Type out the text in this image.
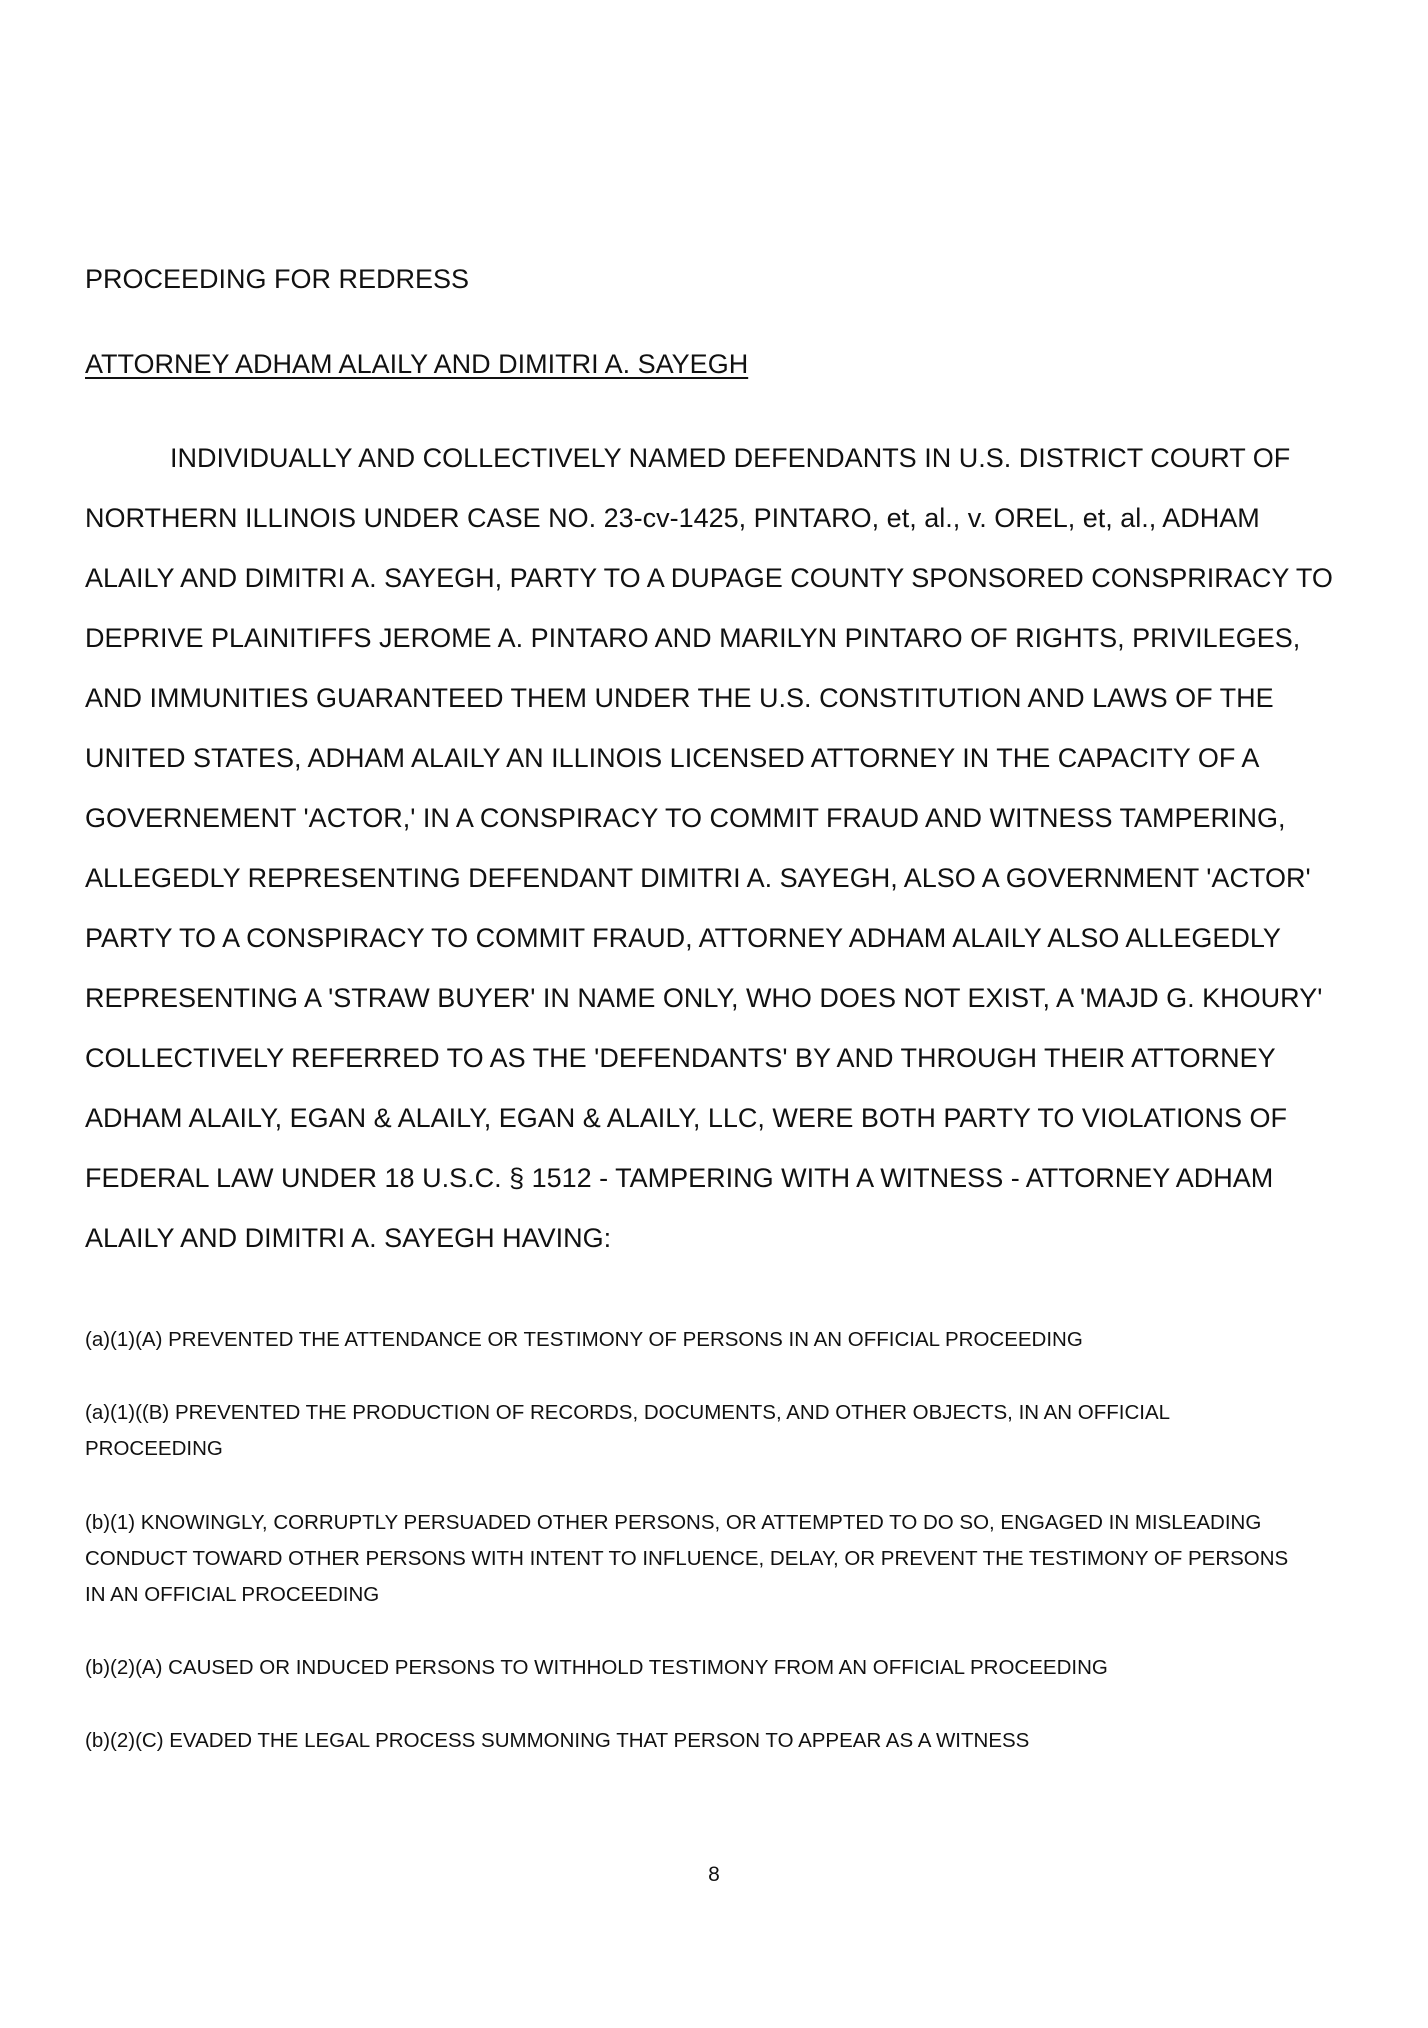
PROCEEDING FOR REDRESS
ATTORNEY ADHAM ALAILY AND DIMITRI A. SAYEGH

INDIVIDUALLY AND COLLECTIVELY NAMED DEFENDANTS IN U.S. DISTRICT COURT OF
NORTHERN ILLINOIS UNDER CASE NO. 23-cv-1425, PINTARO, et, al., v. OREL, et, al., ADHAM
ALAILY AND DIMITRI A. SAYEGH, PARTY TO A DUPAGE COUNTY SPONSORED CONSPRIRACY TO
DEPRIVE PLAINITIFFS JEROME A. PINTARO AND MARILYN PINTARO OF RIGHTS, PRIVILEGES,
AND IMMUNITIES GUARANTEED THEM UNDER THE U.S. CONSTITUTION AND LAWS OF THE
UNITED STATES, ADHAM ALAILY AN ILLINOIS LICENSED ATTORNEY IN THE CAPACITY OF A
GOVERNEMENT 'ACTOR,' IN A CONSPIRACY TO COMMIT FRAUD AND WITNESS TAMPERING,
ALLEGEDLY REPRESENTING DEFENDANT DIMITRI A. SAYEGH, ALSO A GOVERNMENT 'ACTOR'
PARTY TO A CONSPIRACY TO COMMIT FRAUD, ATTORNEY ADHAM ALAILY ALSO ALLEGEDLY
REPRESENTING A 'STRAW BUYER' IN NAME ONLY, WHO DOES NOT EXIST, A 'MAJD G. KHOURY'
COLLECTIVELY REFERRED TO AS THE 'DEFENDANTS' BY AND THROUGH THEIR ATTORNEY
ADHAM ALAILY, EGAN & ALAILY, EGAN & ALAILY, LLC, WERE BOTH PARTY TO VIOLATIONS OF
FEDERAL LAW UNDER 18 U.S.C. § 1512 - TAMPERING WITH A WITNESS - ATTORNEY ADHAM
ALAILY AND DIMITRI A. SAYEGH HAVING:

(a)(1)(A) PREVENTED THE ATTENDANCE OR TESTIMONY OF PERSONS IN AN OFFICIAL PROCEEDING

(a)(1)((B) PREVENTED THE PRODUCTION OF RECORDS, DOCUMENTS, AND OTHER OBJECTS, IN AN OFFICIAL
PROCEEDING

(b)(1) KNOWINGLY, CORRUPTLY PERSUADED OTHER PERSONS, OR ATTEMPTED TO DO SO, ENGAGED IN MISLEADING
CONDUCT TOWARD OTHER PERSONS WITH INTENT TO INFLUENCE, DELAY, OR PREVENT THE TESTIMONY OF PERSONS
IN AN OFFICIAL PROCEEDING

(b)(2)(A) CAUSED OR INDUCED PERSONS TO WITHHOLD TESTIMONY FROM AN OFFICIAL PROCEEDING

(b)(2)(C) EVADED THE LEGAL PROCESS SUMMONING THAT PERSON TO APPEAR AS A WITNESS

8
